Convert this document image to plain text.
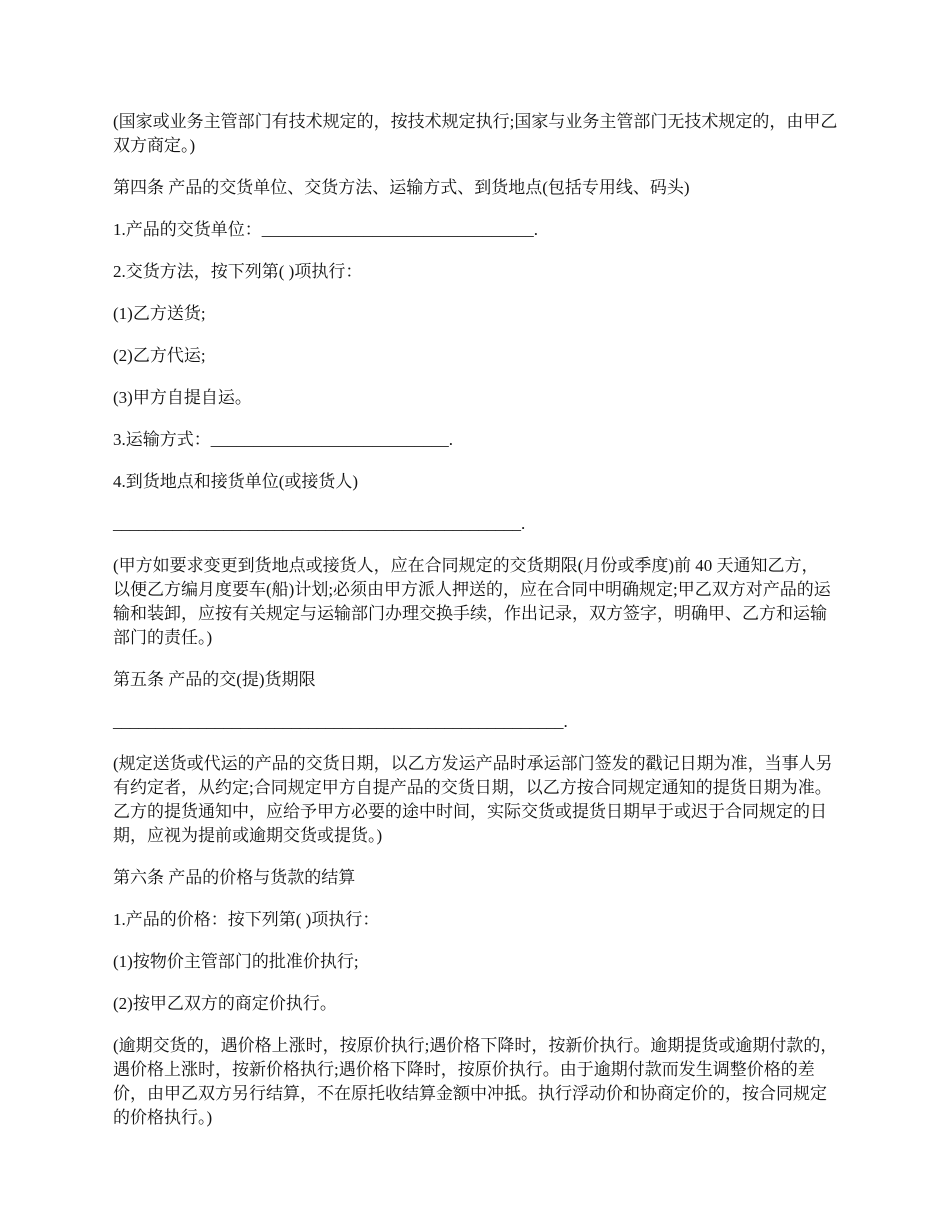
(国家或业务主管部门有技术规定的，按技术规定执行;国家与业务主管部门无技术规定的，由甲乙双方商定。)

第四条 产品的交货单位、交货方法、运输方式、到货地点(包括专用线、码头)

1.产品的交货单位：________________________________.

2.交货方法，按下列第( )项执行：

(1)乙方送货;

(2)乙方代运;

(3)甲方自提自运。

3.运输方式：____________________________.

4.到货地点和接货单位(或接货人)

________________________________________________.

(甲方如要求变更到货地点或接货人，应在合同规定的交货期限(月份或季度)前 40 天通知乙方，以便乙方编月度要车(船)计划;必须由甲方派人押送的，应在合同中明确规定;甲乙双方对产品的运输和装卸，应按有关规定与运输部门办理交换手续，作出记录，双方签字，明确甲、乙方和运输部门的责任。)

第五条 产品的交(提)货期限

_____________________________________________________.

(规定送货或代运的产品的交货日期，以乙方发运产品时承运部门签发的戳记日期为准，当事人另有约定者，从约定;合同规定甲方自提产品的交货日期，以乙方按合同规定通知的提货日期为准。乙方的提货通知中，应给予甲方必要的途中时间，实际交货或提货日期早于或迟于合同规定的日期，应视为提前或逾期交货或提货。)

第六条 产品的价格与货款的结算

1.产品的价格：按下列第( )项执行：

(1)按物价主管部门的批准价执行;

(2)按甲乙双方的商定价执行。

(逾期交货的，遇价格上涨时，按原价执行;遇价格下降时，按新价执行。逾期提货或逾期付款的，遇价格上涨时，按新价格执行;遇价格下降时，按原价执行。由于逾期付款而发生调整价格的差价，由甲乙双方另行结算，不在原托收结算金额中冲抵。执行浮动价和协商定价的，按合同规定的价格执行。)
